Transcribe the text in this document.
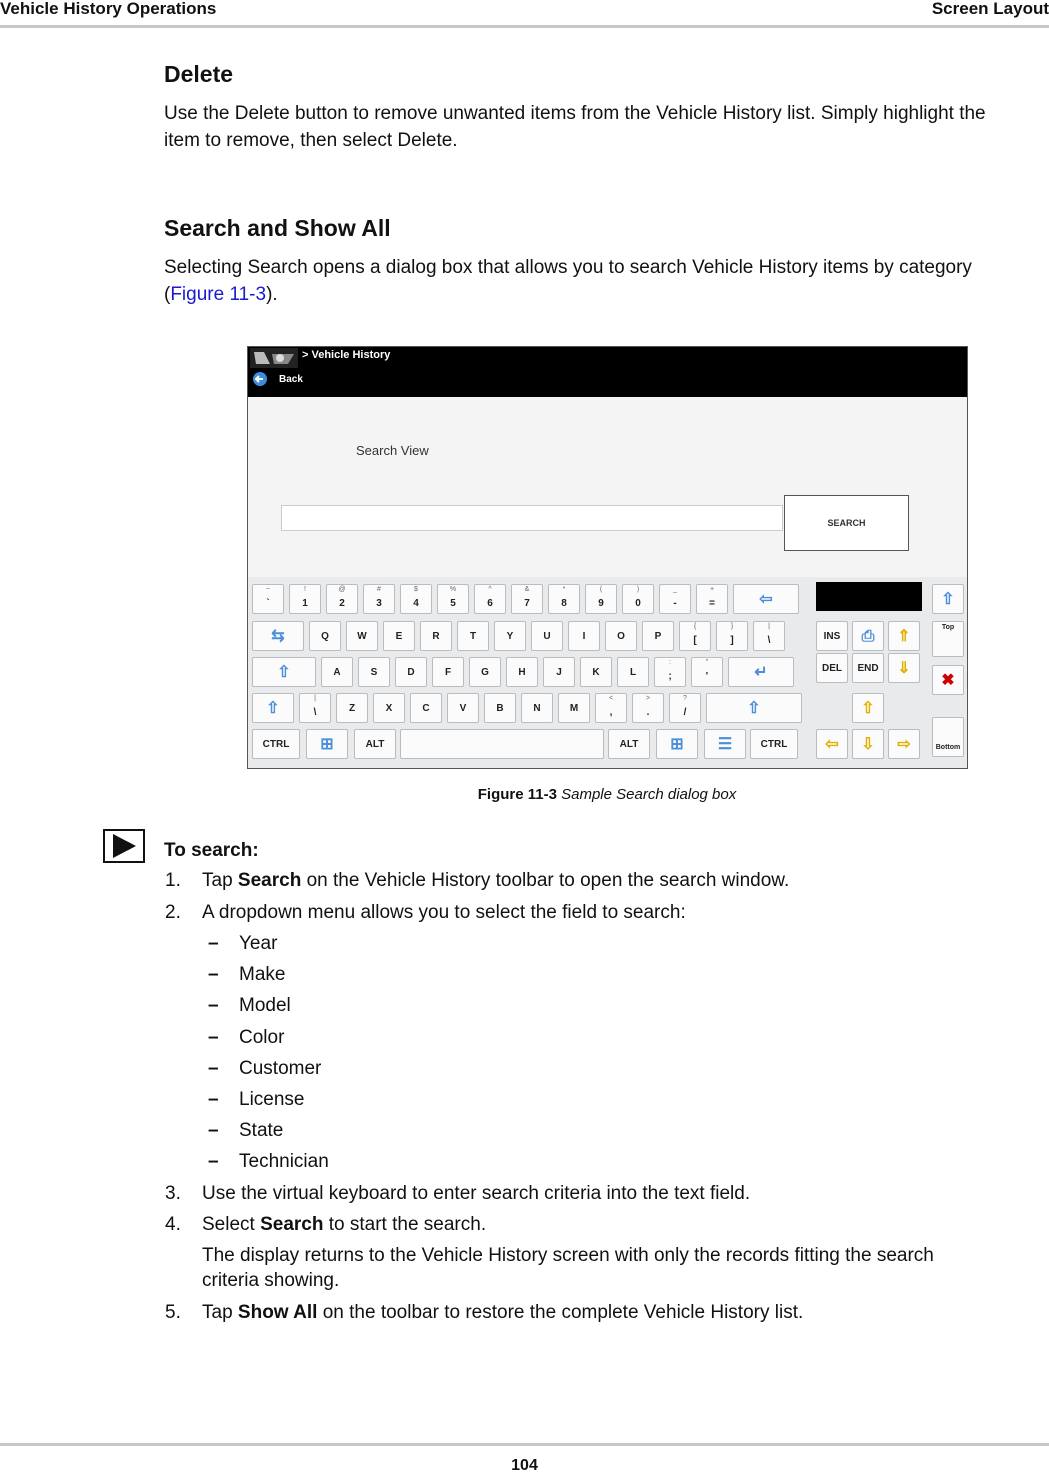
Vehicle History Operations	Screen Layout
Delete
Use the Delete button to remove unwanted items from the Vehicle History list. Simply highlight the
item to remove, then select Delete.
Search and Show All
Selecting Search opens a dialog box that allows you to search Vehicle History items by category
(Figure 11-3).
> Vehicle History
Back
Search View
SEARCH
~
`
!
1
@
2
#
3
$
4
%
5
^
6
&
7
*
8
(
9
)
0
_
-
+
=	⇦
⇆	Q	W	E	R	T	Y	U	I	O	P
{
[
}
]
|
\
⇧	A	S	D	F	G	H	J	K	L
:
;
"
'	↵
⇧
|
\	Z	X	C	V	B	N	M
<
,
>
.
?
/	⇧
CTRL	⊞	ALT	ALT	⊞	☰	CTRL
INS	⎙	⇑
DEL	END	⇓
⇧
⇦	⇩	⇨
⇧
Top
✖
Bottom
Figure 11-3 Sample Search dialog box
To search:
1. Tap Search on the Vehicle History toolbar to open the search window.
2. A dropdown menu allows you to select the field to search:
– Year
– Make
– Model
– Color
– Customer
– License
– State
– Technician
3. Use the virtual keyboard to enter search criteria into the text field.
4. Select Search to start the search.
The display returns to the Vehicle History screen with only the records fitting the search
criteria showing.
5. Tap Show All on the toolbar to restore the complete Vehicle History list.
104
